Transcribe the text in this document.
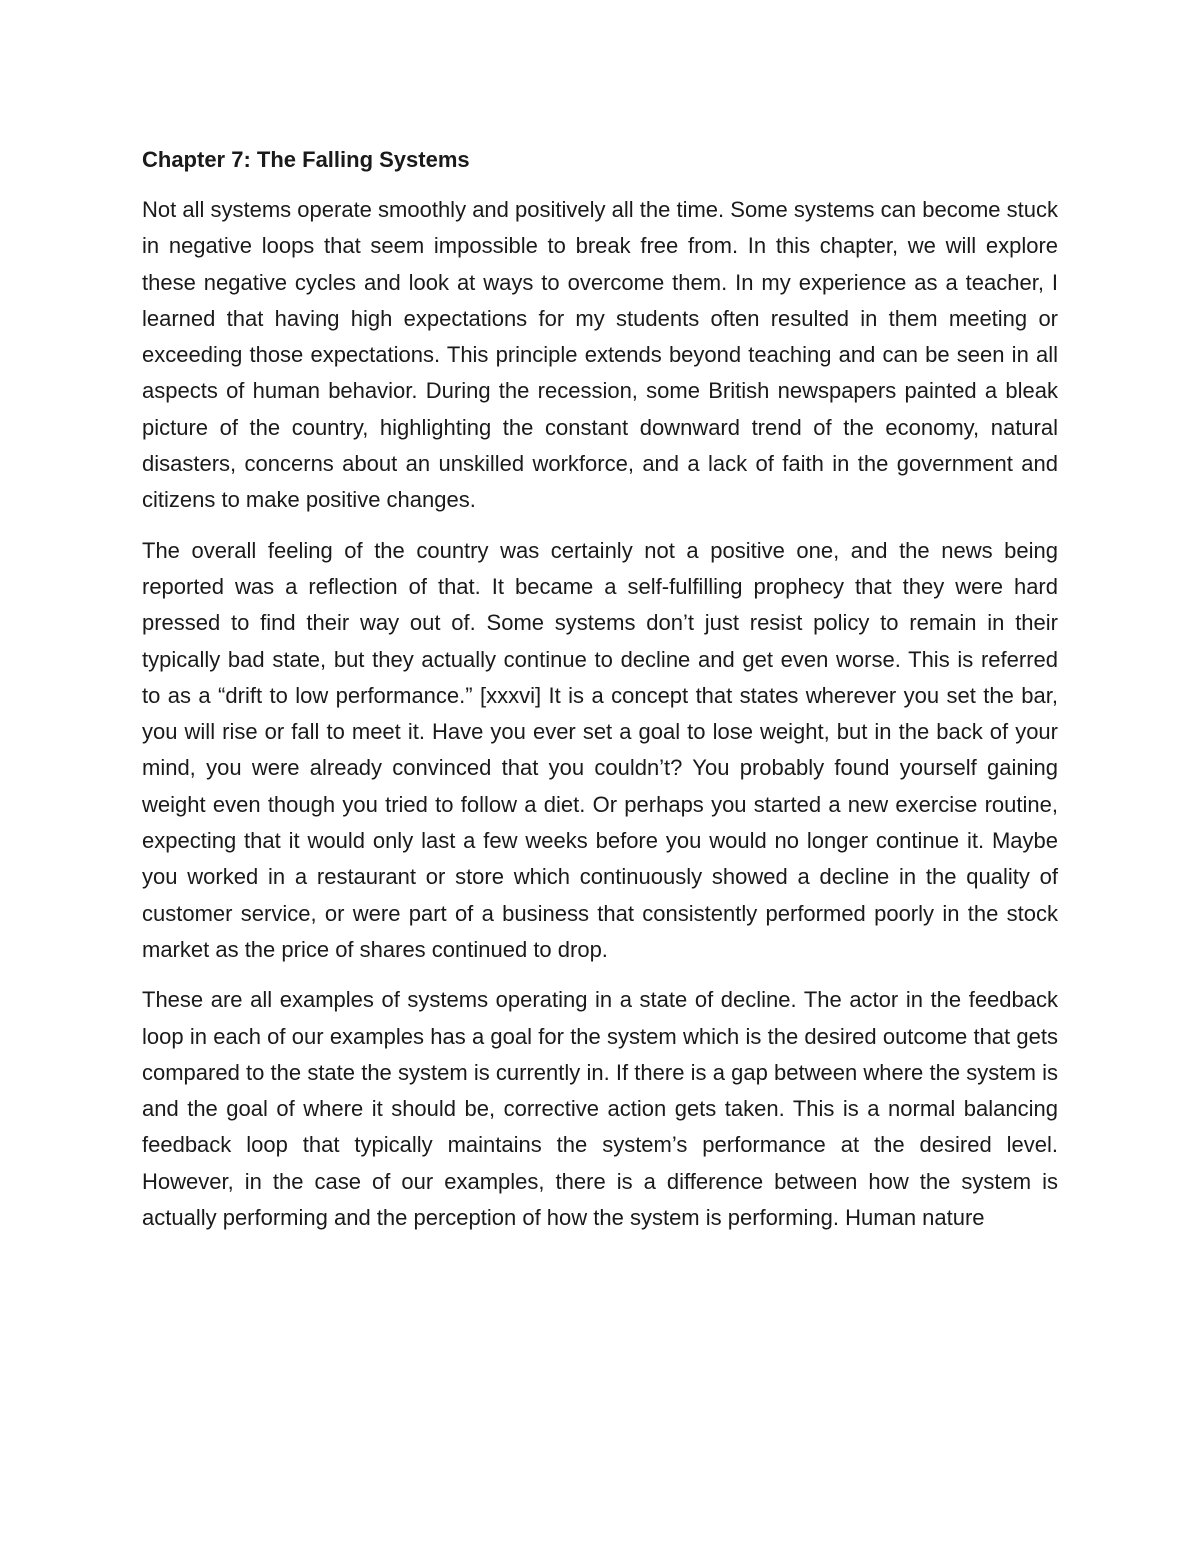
Chapter 7: The Falling Systems

Not all systems operate smoothly and positively all the time. Some systems can become stuck in negative loops that seem impossible to break free from. In this chapter, we will explore these negative cycles and look at ways to overcome them. In my experience as a teacher, I learned that having high expectations for my students often resulted in them meeting or exceeding those expectations. This principle extends beyond teaching and can be seen in all aspects of human behavior. During the recession, some British newspapers painted a bleak picture of the country, highlighting the constant downward trend of the economy, natural disasters, concerns about an unskilled workforce, and a lack of faith in the government and citizens to make positive changes.

The overall feeling of the country was certainly not a positive one, and the news being reported was a reflection of that. It became a self-fulfilling prophecy that they were hard pressed to find their way out of. Some systems don’t just resist policy to remain in their typically bad state, but they actually continue to decline and get even worse. This is referred to as a “drift to low performance.” [xxxvi] It is a concept that states wherever you set the bar, you will rise or fall to meet it. Have you ever set a goal to lose weight, but in the back of your mind, you were already convinced that you couldn’t? You probably found yourself gaining weight even though you tried to follow a diet. Or perhaps you started a new exercise routine, expecting that it would only last a few weeks before you would no longer continue it. Maybe you worked in a restaurant or store which continuously showed a decline in the quality of customer service, or were part of a business that consistently performed poorly in the stock market as the price of shares continued to drop.

These are all examples of systems operating in a state of decline. The actor in the feedback loop in each of our examples has a goal for the system which is the desired outcome that gets compared to the state the system is currently in. If there is a gap between where the system is and the goal of where it should be, corrective action gets taken. This is a normal balancing feedback loop that typically maintains the system’s performance at the desired level. However, in the case of our examples, there is a difference between how the system is actually performing and the perception of how the system is performing. Human nature
